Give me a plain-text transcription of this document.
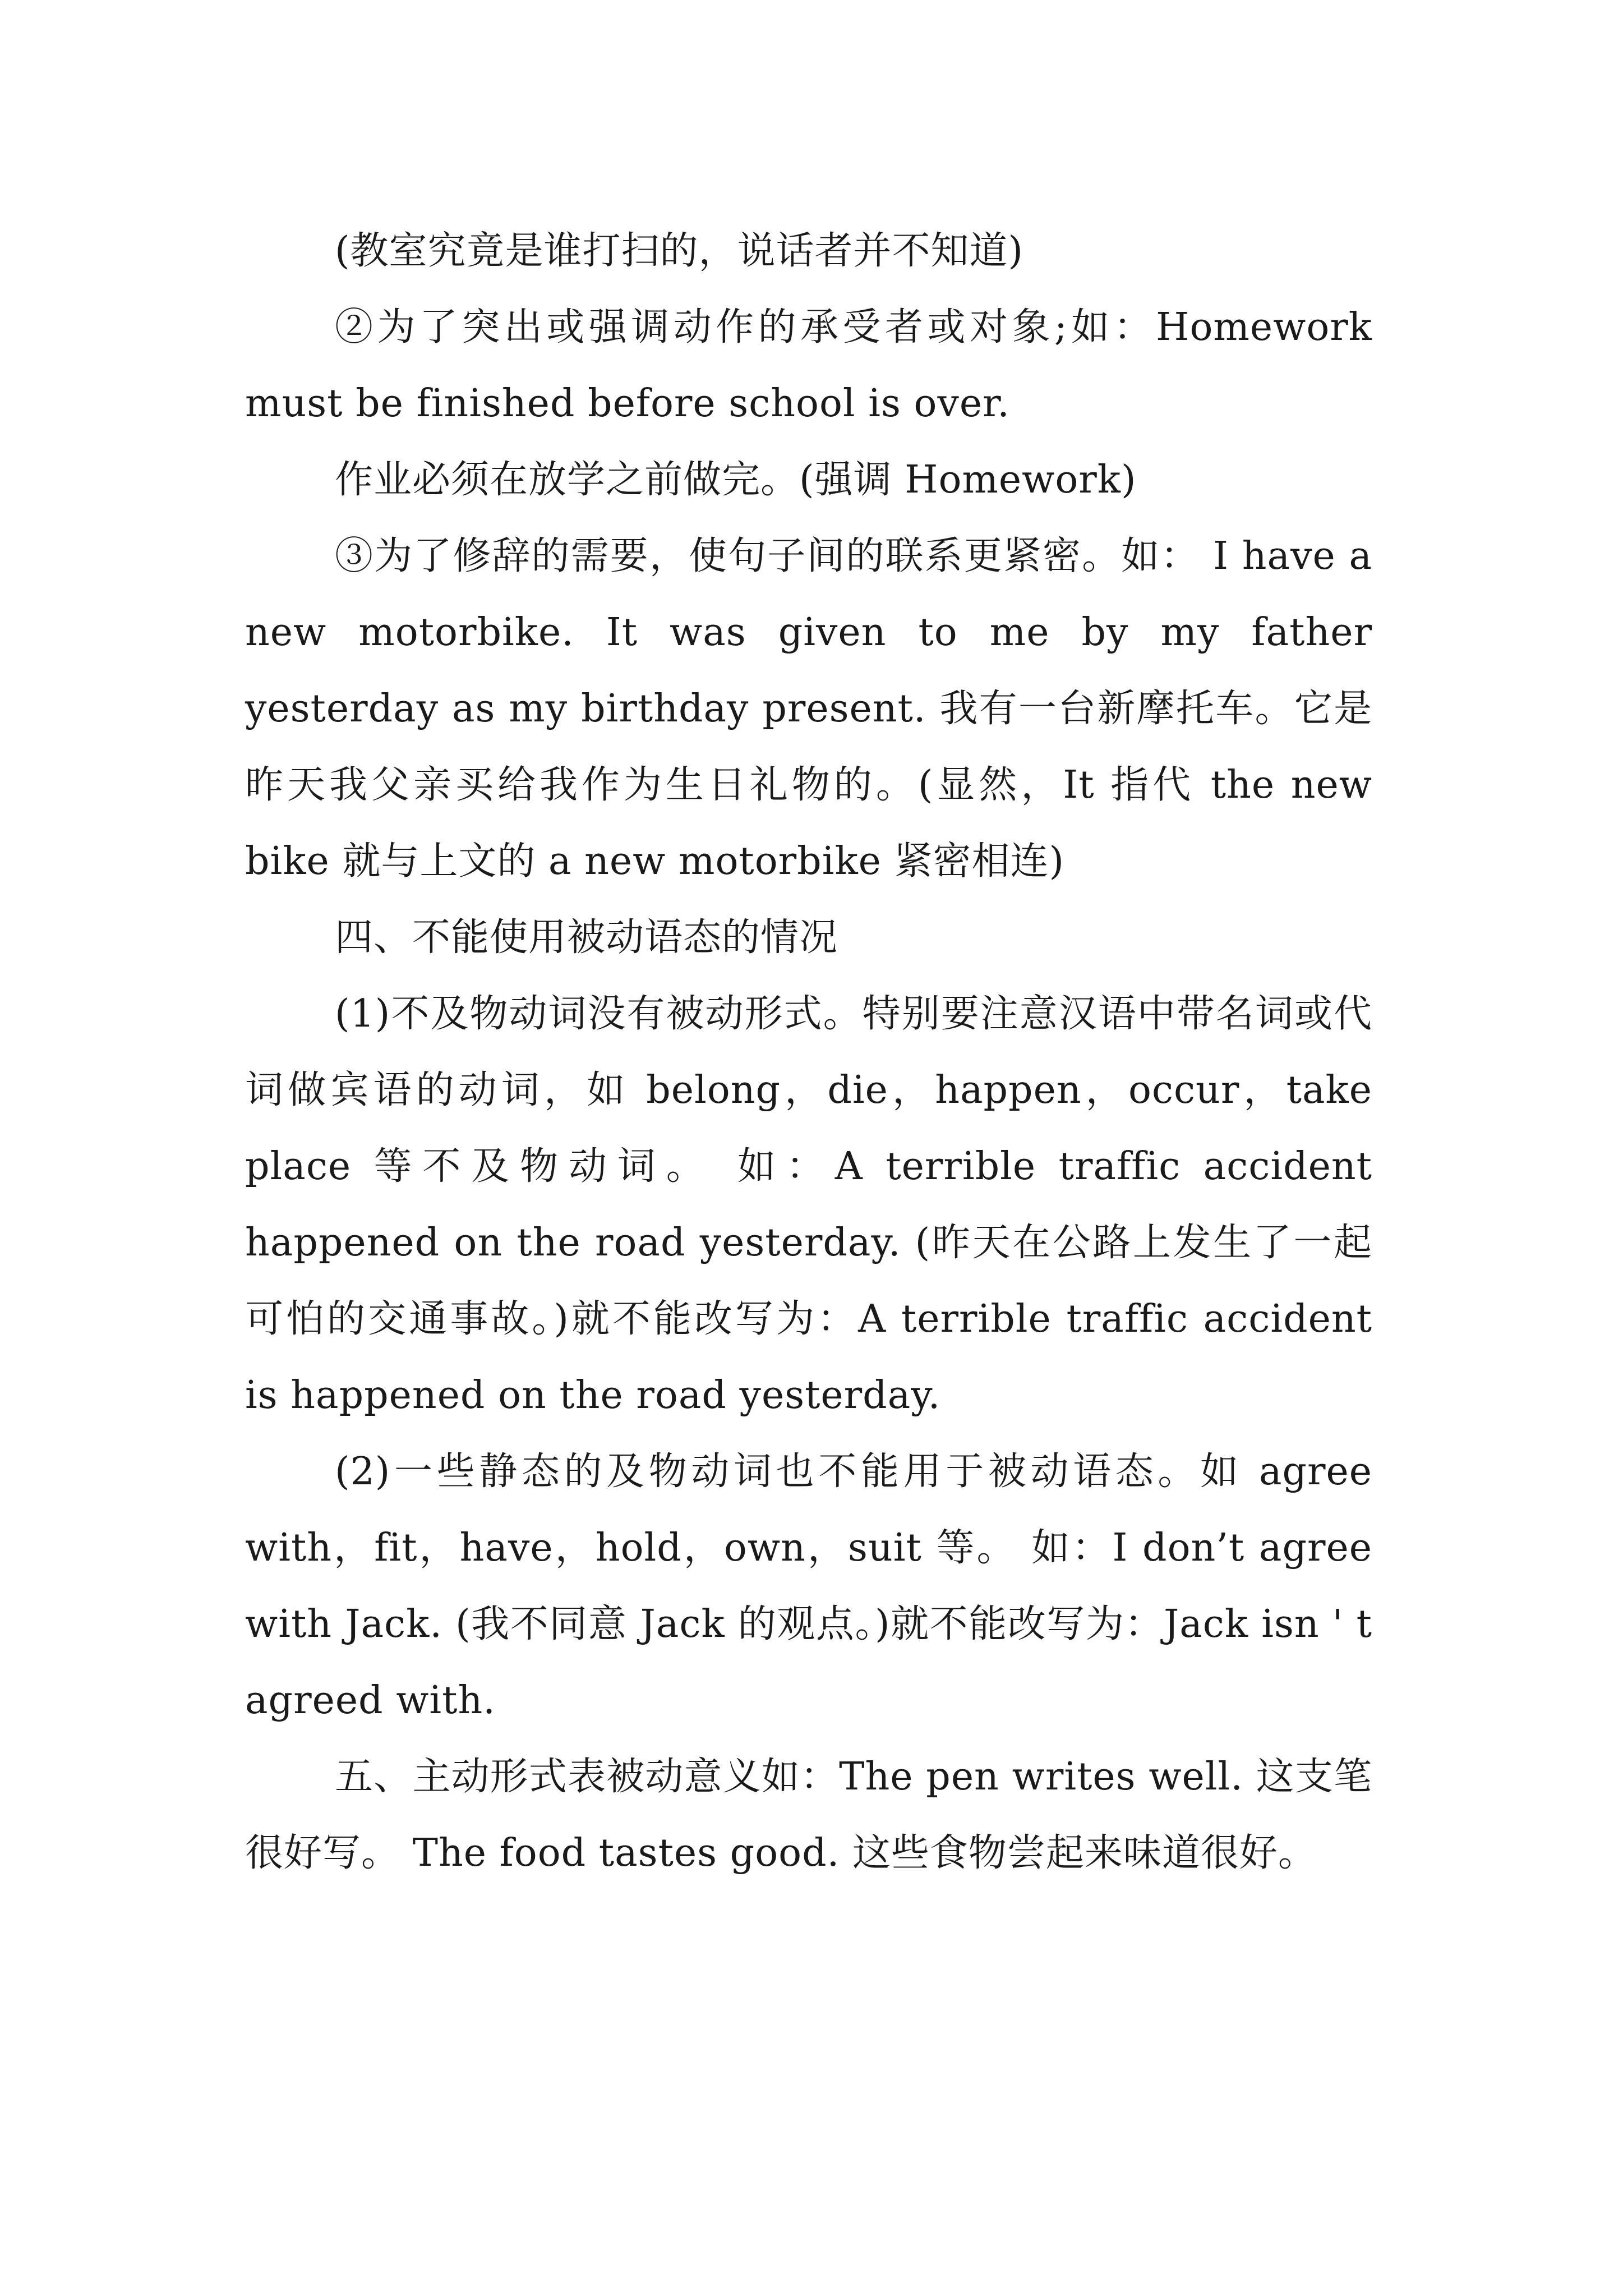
(教室究竟是谁打扫的，说话者并不知道)

②为了突出或强调动作的承受者或对象;如：Homework must be finished before school is over.

作业必须在放学之前做完。(强调 Homework)

③为了修辞的需要，使句子间的联系更紧密。如： I have a new motorbike. It was given to me by my father yesterday as my birthday present. 我有一台新摩托车。它是昨天我父亲买给我作为生日礼物的。(显然，It 指代 the new bike 就与上文的 a new motorbike 紧密相连)

四、不能使用被动语态的情况

(1)不及物动词没有被动形式。特别要注意汉语中带名词或代词做宾语的动词，如 belong，die，happen，occur，take place 等不及物动词。 如：A terrible traffic accident happened on the road yesterday. (昨天在公路上发生了一起可怕的交通事故。)就不能改写为：A terrible traffic accident is happened on the road yesterday.

(2)一些静态的及物动词也不能用于被动语态。如 agree with，fit，have，hold，own，suit 等。 如：I don’t agree with Jack. (我不同意 Jack 的观点。)就不能改写为：Jack isn ' t agreed with.

五、主动形式表被动意义如：The pen writes well. 这支笔很好写。 The food tastes good. 这些食物尝起来味道很好。
